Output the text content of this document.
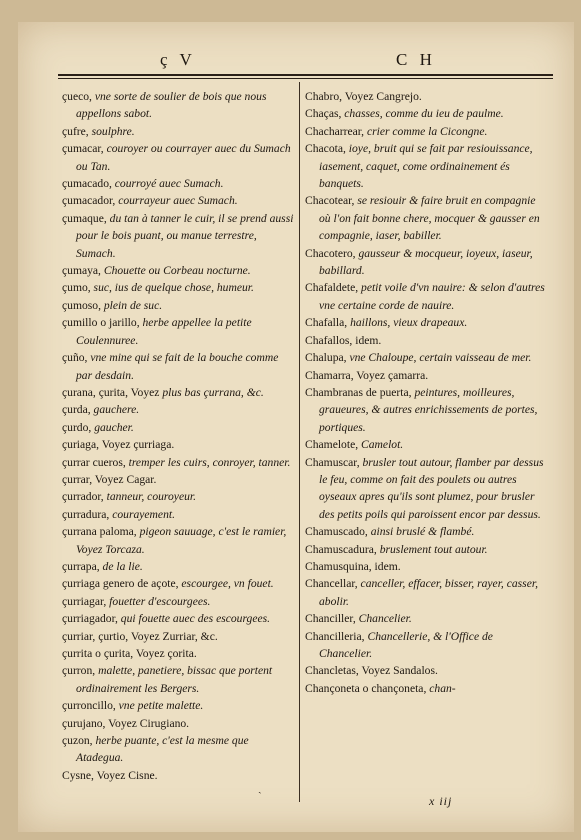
ç V	C H

çueco, vne sorte de soulier de bois que nous appellons sabot.

çufre, soulphre.

çumacar, couroyer ou courrayer auec du Sumach ou Tan.

çumacado, courroyé auec Sumach.

çumacador, courrayeur auec Sumach.

çumaque, du tan à tanner le cuir, il se prend aussi pour le bois puant, ou manue terrestre, Sumach.

çumaya, Chouette ou Corbeau nocturne.

çumo, suc, ius de quelque chose, humeur.

çumoso, plein de suc.

çumillo o jarillo, herbe appellee la petite Coulennuree.

çuño, vne mine qui se fait de la bouche comme par desdain.

çurana, çurita, Voyez plus bas çurrana, &c.

çurda, gauchere.

çurdo, gaucher.

çuriaga, Voyez çurriaga.

çurrar cueros, tremper les cuirs, conroyer, tanner.

çurrar, Voyez Cagar.

çurrador, tanneur, couroyeur.

çurradura, courayement.

çurrana paloma, pigeon sauuage, c'est le ramier, Voyez Torcaza.

çurrapa, de la lie.

çurriaga genero de açote, escourgee, vn fouet.

çurriagar, fouetter d'escourgees.

çurriagador, qui fouette auec des escourgees.

çurriar, çurtio, Voyez Zurriar, &c.

çurrita o çurita, Voyez çorita.

çurron, malette, panetiere, bissac que portent ordinairement les Bergers.

çurroncillo, vne petite malette.

çurujano, Voyez Cirugiano.

çuzon, herbe puante, c'est la mesme que Atadegua.

Cysne, Voyez Cisne.

Chabro, Voyez Cangrejo.

Chaças, chasses, comme du ieu de paulme.

Chacharrear, crier comme la Cicongne.

Chacota, ioye, bruit qui se fait par resiouissance, iasement, caquet, come ordinainement és banquets.

Chacotear, se resiouir & faire bruit en compagnie où l'on fait bonne chere, mocquer & gausser en compagnie, iaser, babiller.

Chacotero, gausseur & mocqueur, ioyeux, iaseur, babillard.

Chafaldete, petit voile d'vn nauire: & selon d'autres vne certaine corde de nauire.

Chafalla, haillons, vieux drapeaux.

Chafallos, idem.

Chalupa, vne Chaloupe, certain vaisseau de mer.

Chamarra, Voyez çamarra.

Chambranas de puerta, peintures, moilleures, graueures, & autres enrichissements de portes, portiques.

Chamelote, Camelot.

Chamuscar, brusler tout autour, flamber par dessus le feu, comme on fait des poulets ou autres oyseaux apres qu'ils sont plumez, pour brusler des petits poils qui paroissent encor par dessus.

Chamuscado, ainsi bruslé & flambé.

Chamuscadura, bruslement tout autour.

Chamusquina, idem.

Chancellar, canceller, effacer, bisser, rayer, casser, abolir.

Chanciller, Chancelier.

Chancilleria, Chancellerie, & l'Office de Chancelier.

Chancletas, Voyez Sandalos.

Chançoneta o chançoneta, chan-

ˎ
x iij
